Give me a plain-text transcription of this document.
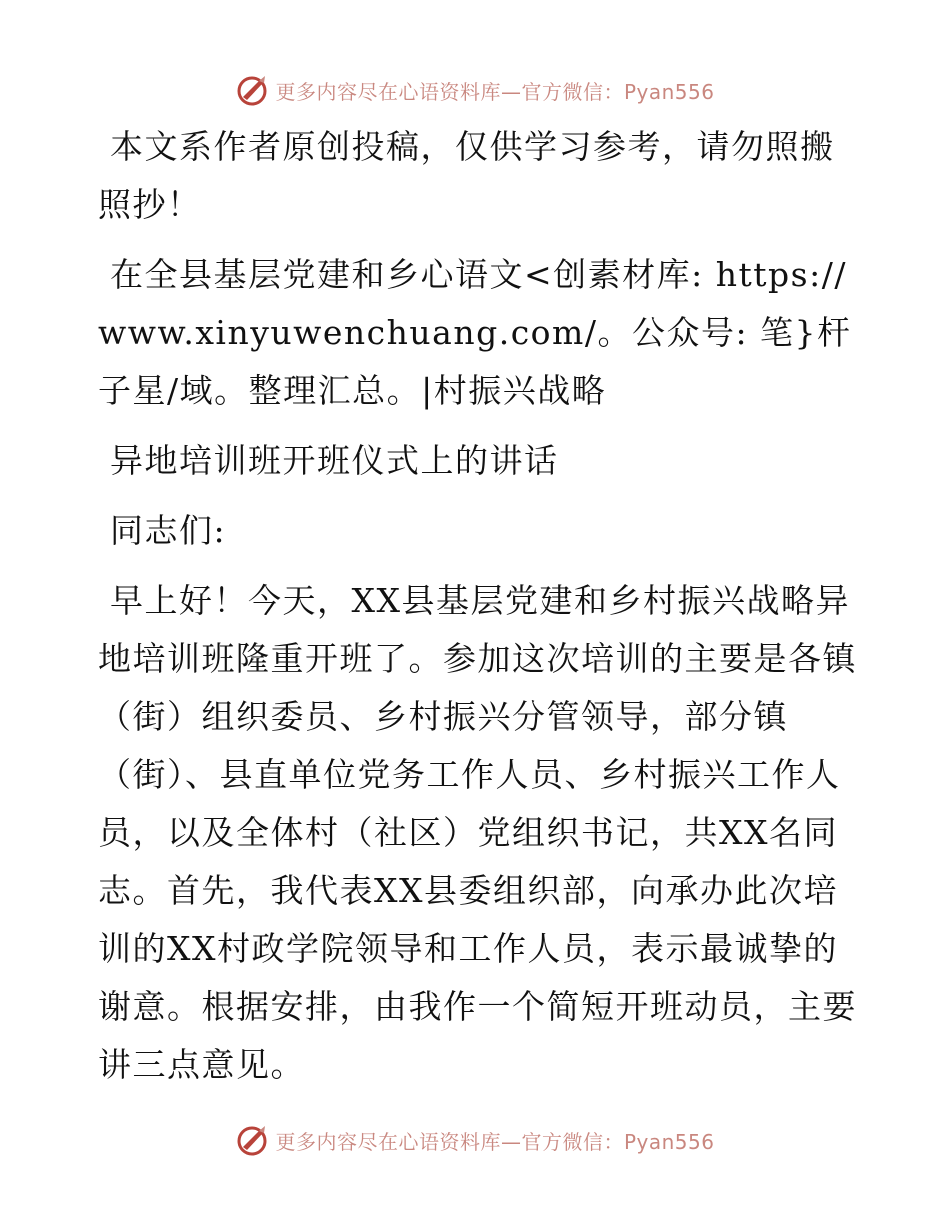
更多内容尽在心语资料库—官方微信：Pyan556

本文系作者原创投稿，仅供学习参考，请勿照搬照抄！

在全县基层党建和乡心语文<创素材库: https://www.xinyuwenchuang.com/。公众号: 笔}杆子星/域。整理汇总。|村振兴战略

异地培训班开班仪式上的讲话

同志们:

早上好！今天，XX县基层党建和乡村振兴战略异地培训班隆重开班了。参加这次培训的主要是各镇（街）组织委员、乡村振兴分管领导，部分镇（街）、县直单位党务工作人员、乡村振兴工作人员，以及全体村（社区）党组织书记，共XX名同志。首先，我代表XX县委组织部，向承办此次培训的XX村政学院领导和工作人员，表示最诚挚的谢意。根据安排，由我作一个简短开班动员，主要讲三点意见。

更多内容尽在心语资料库—官方微信：Pyan556
